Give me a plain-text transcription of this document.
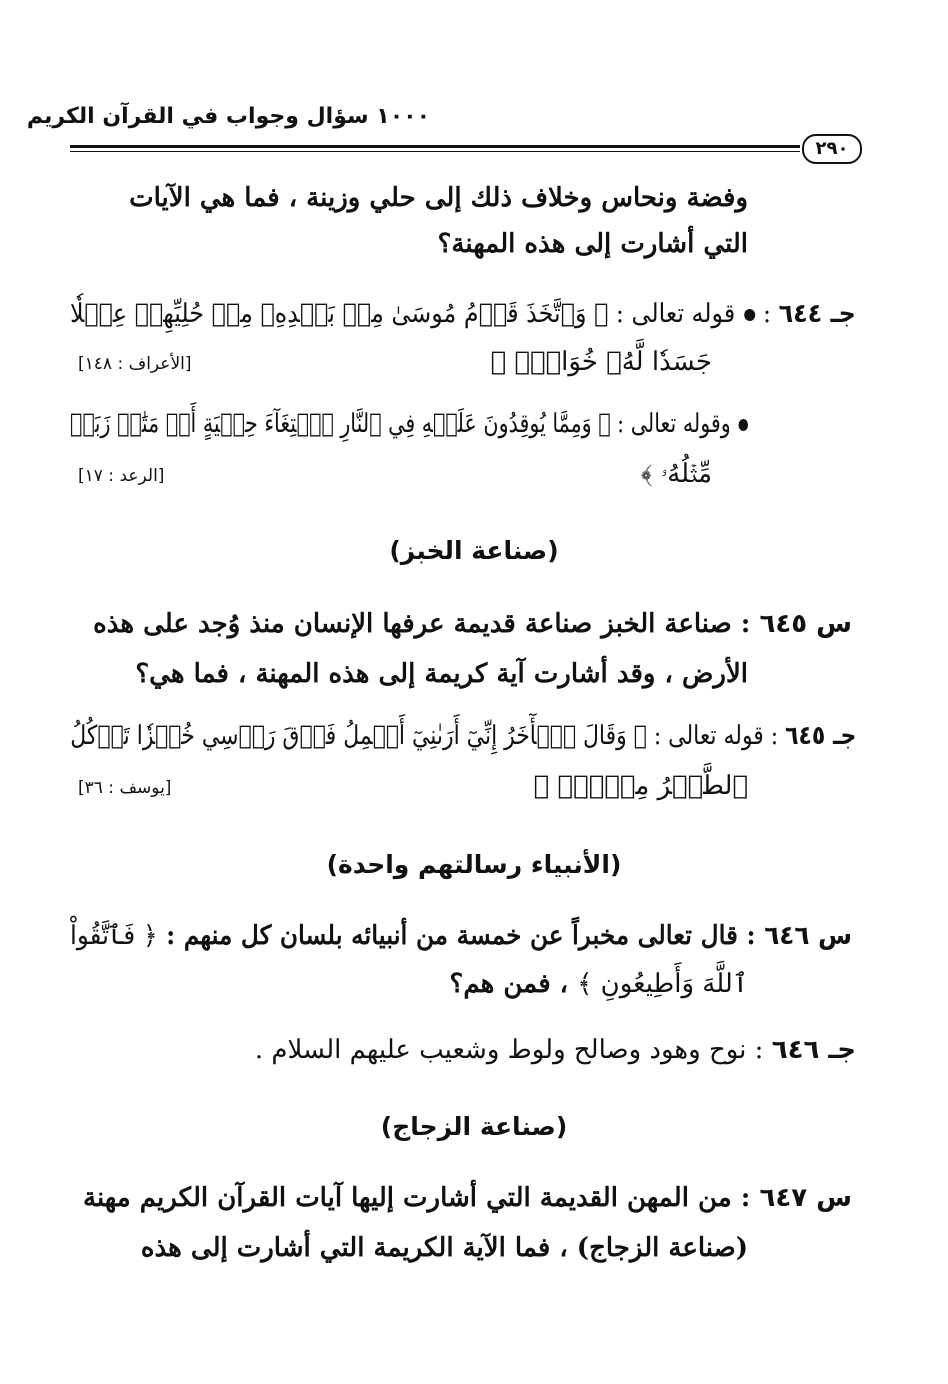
١٠٠٠ سؤال وجواب في القرآن الكريم
٢٩٠
وفضة ونحاس وخلاف ذلك إلى حلي وزينة ، فما هي الآيات
التي أشارت إلى هذه المهنة؟
جـ ٦٤٤ : قوله تعالى : ﴿ وَٱتَّخَذَ قَوۡمُ مُوسَىٰ مِنۢ بَعۡدِهِۦ مِنۡ حُلِيِّهِمۡ عِجۡلٗا
جَسَدٗا لَّهُۥ خُوَارٌۚ ﴾
[الأعراف : ١٤٨]
وقوله تعالى : ﴿ وَمِمَّا يُوقِدُونَ عَلَيۡهِ فِي ٱلنَّارِ ٱبۡتِغَآءَ حِلۡيَةٍ أَوۡ مَتَٰعٖ زَبَدٞ
مِّثۡلُهُۥ ﴾
[الرعد : ١٧]
(صناعة الخبز)
س ٦٤٥ : صناعة الخبز صناعة قديمة عرفها الإنسان منذ وُجد على هذه
الأرض ، وقد أشارت آية كريمة إلى هذه المهنة ، فما هي؟
جـ ٦٤٥ : قوله تعالى : ﴿ وَقَالَ ٱلۡأٓخَرُ إِنِّيٓ أَرَىٰنِيٓ أَحۡمِلُ فَوۡقَ رَأۡسِي خُبۡزٗا تَأۡكُلُ
ٱلطَّيۡرُ مِنۡهُۖ ﴾
[يوسف : ٣٦]
(الأنبياء رسالتهم واحدة)
س ٦٤٦ : قال تعالى مخبراً عن خمسة من أنبيائه بلسان كل منهم : ﴿ فَٱتَّقُواْ
ٱللَّهَ وَأَطِيعُونِ ﴾ ، فمن هم؟
جـ ٦٤٦ : نوح وهود وصالح ولوط وشعيب عليهم السلام .
(صناعة الزجاج)
س ٦٤٧ : من المهن القديمة التي أشارت إليها آيات القرآن الكريم مهنة
(صناعة الزجاج) ، فما الآية الكريمة التي أشارت إلى هذه
